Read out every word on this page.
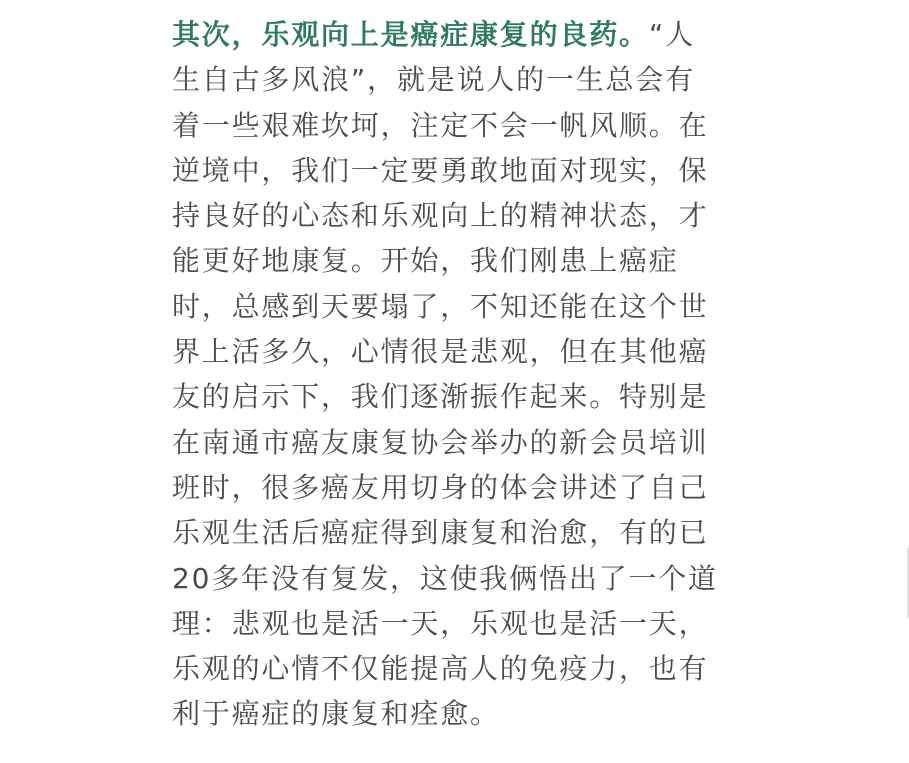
其次，乐观向上是癌症康复的良药。“人
生自古多风浪”，就是说人的一生总会有
着一些艰难坎坷，注定不会一帆风顺。在
逆境中，我们一定要勇敢地面对现实，保
持良好的心态和乐观向上的精神状态，才
能更好地康复。开始，我们刚患上癌症
时，总感到天要塌了，不知还能在这个世
界上活多久，心情很是悲观，但在其他癌
友的启示下，我们逐渐振作起来。特别是
在南通市癌友康复协会举办的新会员培训
班时，很多癌友用切身的体会讲述了自己
乐观生活后癌症得到康复和治愈，有的已
20多年没有复发，这使我俩悟出了一个道
理：悲观也是活一天，乐观也是活一天，
乐观的心情不仅能提高人的免疫力，也有
利于癌症的康复和痊愈。
